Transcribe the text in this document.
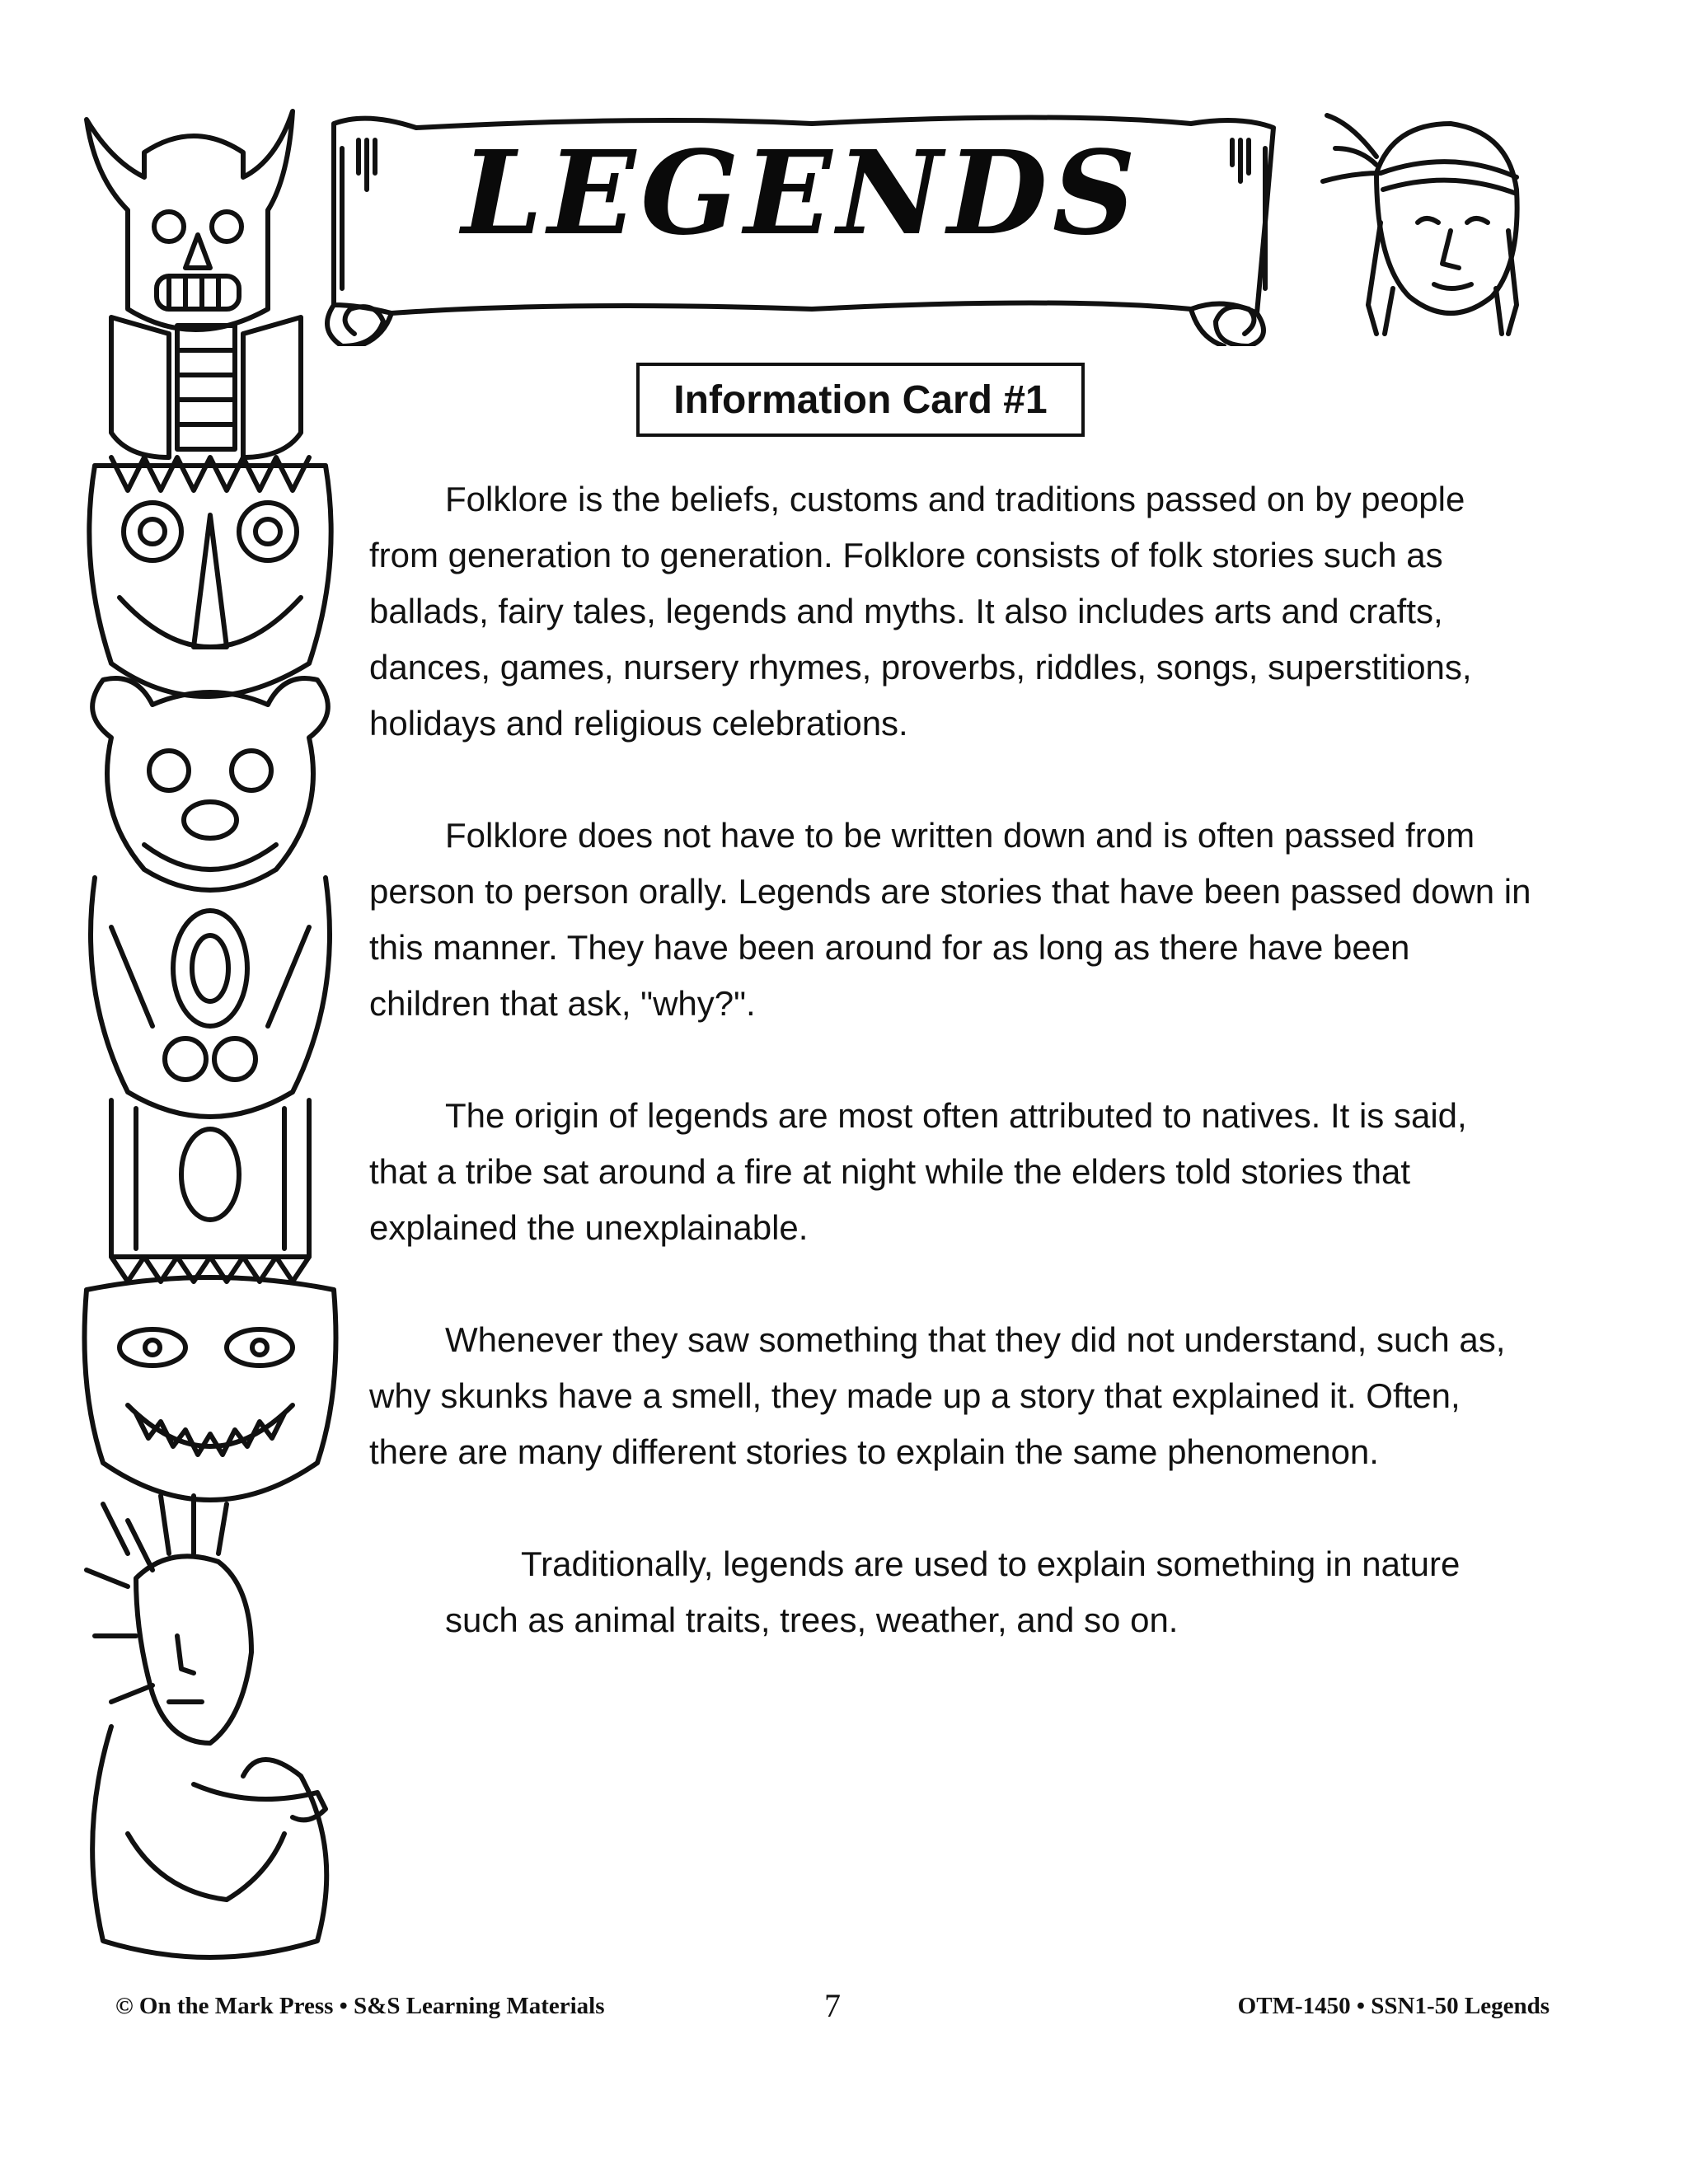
LEGENDS
Information Card #1

Folklore is the beliefs, customs and traditions passed on by people from generation to generation. Folklore consists of folk stories such as ballads, fairy tales, legends and myths. It also includes arts and crafts, dances, games, nursery rhymes, proverbs, riddles, songs, superstitions, holidays and religious celebrations.

Folklore does not have to be written down and is often passed from person to person orally. Legends are stories that have been passed down in this manner. They have been around for as long as there have been children that ask, "why?".

The origin of legends are most often attributed to natives. It is said, that a tribe sat around a fire at night while the elders told stories that explained the unexplainable.

Whenever they saw something that they did not understand, such as, why skunks have a smell, they made up a story that explained it. Often, there are many different stories to explain the same phenomenon.

Traditionally, legends are used to explain something in nature such as animal traits, trees, weather, and so on.

© On the Mark Press • S&S Learning Materials	7	OTM-1450 • SSN1-50 Legends
